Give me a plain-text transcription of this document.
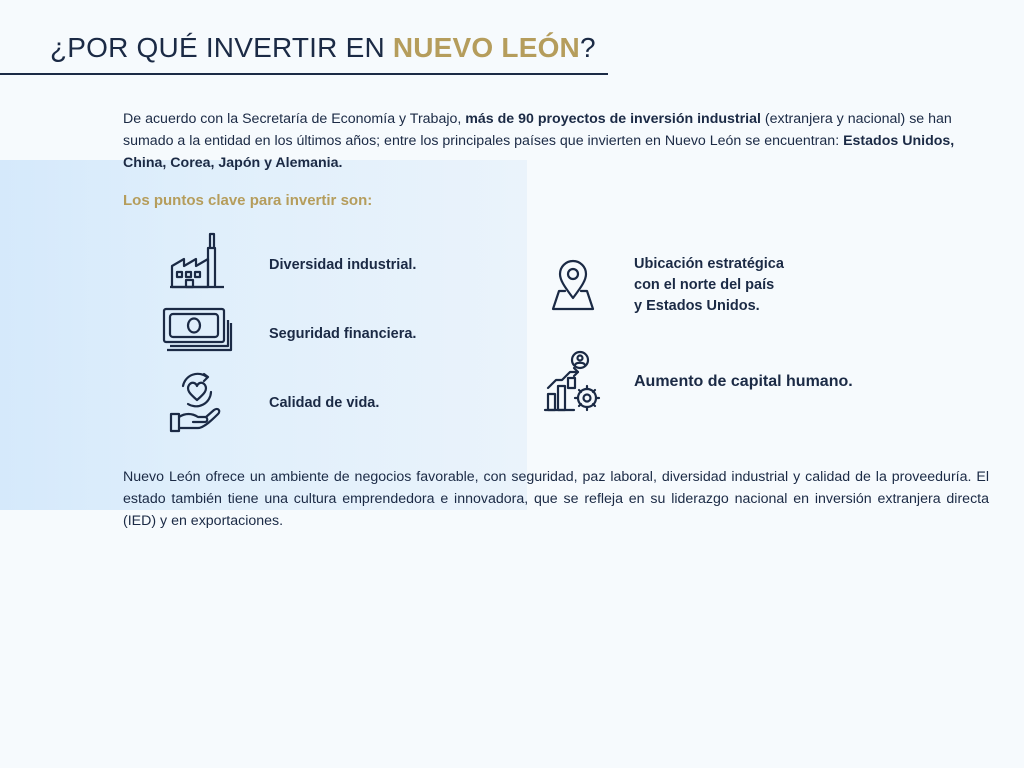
¿POR QUÉ INVERTIR EN NUEVO LEÓN?

De acuerdo con la Secretaría de Economía y Trabajo, más de 90 proyectos de inversión industrial (extranjera y nacional) se han sumado a la entidad en los últimos años; entre los principales países que invierten en Nuevo León se encuentran: Estados Unidos, China, Corea, Japón y Alemania.

Los puntos clave para invertir son:
Diversidad industrial.
Seguridad financiera.
Calidad de vida.
Ubicación estratégica
con el norte del país
y Estados Unidos.
Aumento de capital humano.

Nuevo León ofrece un ambiente de negocios favorable, con seguridad, paz laboral, diversidad industrial y calidad de la proveeduría. El estado también tiene una cultura emprendedora e innovadora, que se refleja en su liderazgo nacional en inversión extranjera directa (IED) y en exportaciones.
